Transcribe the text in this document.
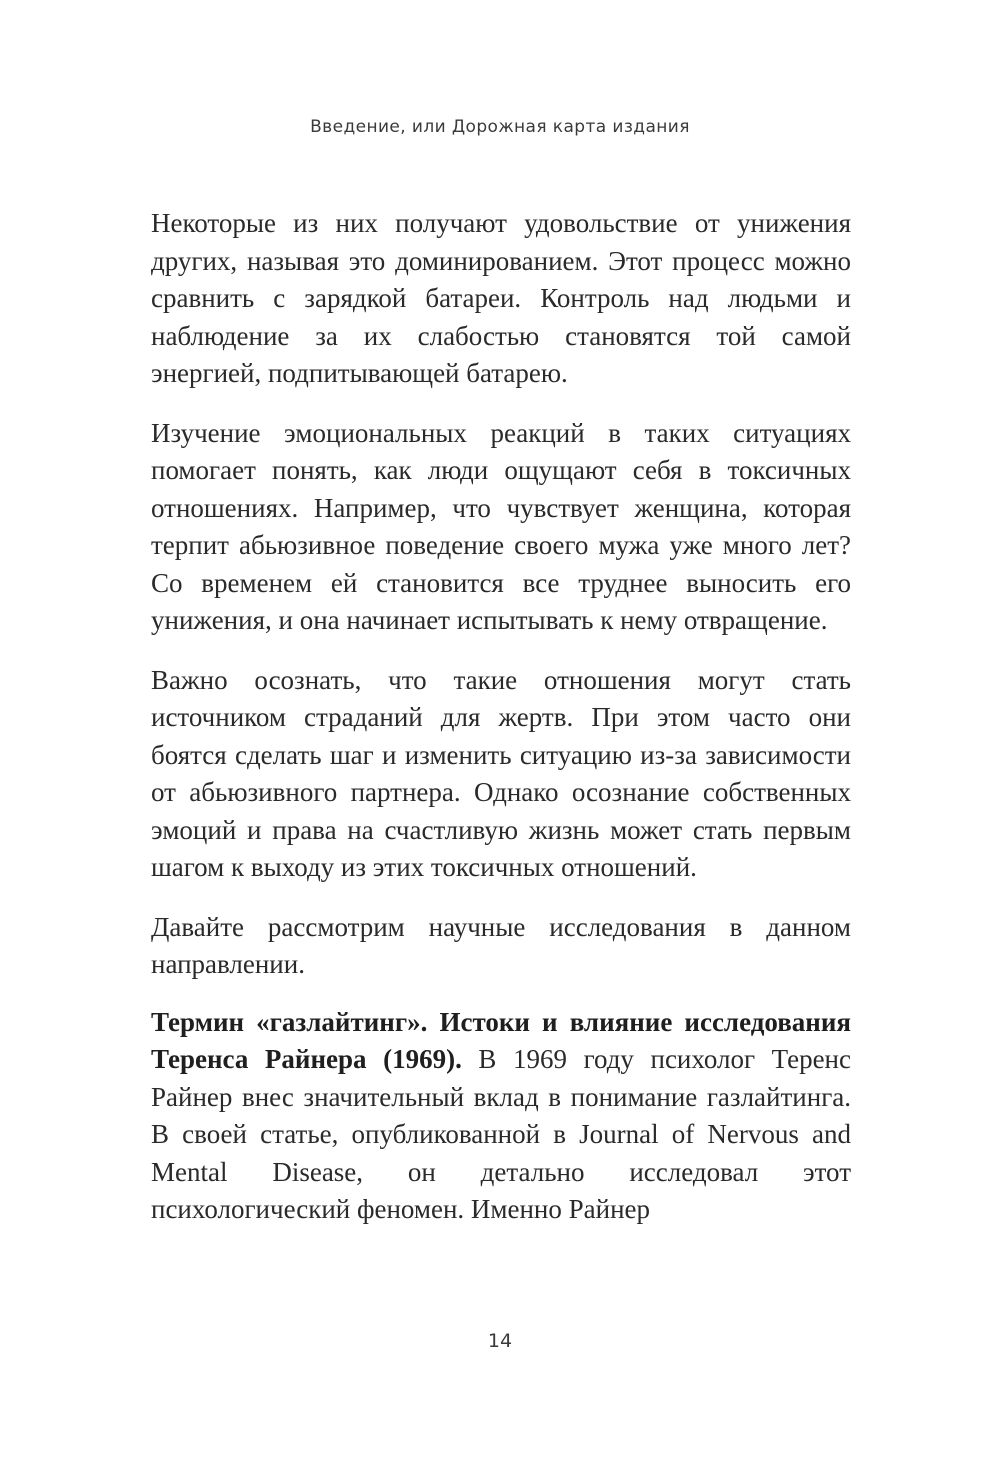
Введение, или Дорожная карта издания

Некоторые из них получают удовольствие от унижения других, называя это доминированием. Этот процесс можно сравнить с зарядкой батареи. Контроль над людьми и наблюдение за их слабостью становятся той самой энергией, подпитывающей батарею.

Изучение эмоциональных реакций в таких ситуациях помогает понять, как люди ощущают себя в токсичных отношениях. Например, что чувствует женщина, которая терпит абьюзивное поведение своего мужа уже много лет? Со временем ей становится все труднее выносить его унижения, и она начинает испытывать к нему отвращение.

Важно осознать, что такие отношения могут стать источником страданий для жертв. При этом часто они боятся сделать шаг и изменить ситуацию из-за зависимости от абьюзивного партнера. Однако осознание собственных эмоций и права на счастливую жизнь может стать первым шагом к выходу из этих токсичных отношений.

Давайте рассмотрим научные исследования в данном направлении.

Термин «газлайтинг». Истоки и влияние исследования Теренса Райнера (1969). В 1969 году психолог Теренс Райнер внес значительный вклад в понимание газлайтинга. В своей статье, опубликованной в Journal of Nervous and Mental Disease, он детально исследовал этот психологический феномен. Именно Райнер

14
